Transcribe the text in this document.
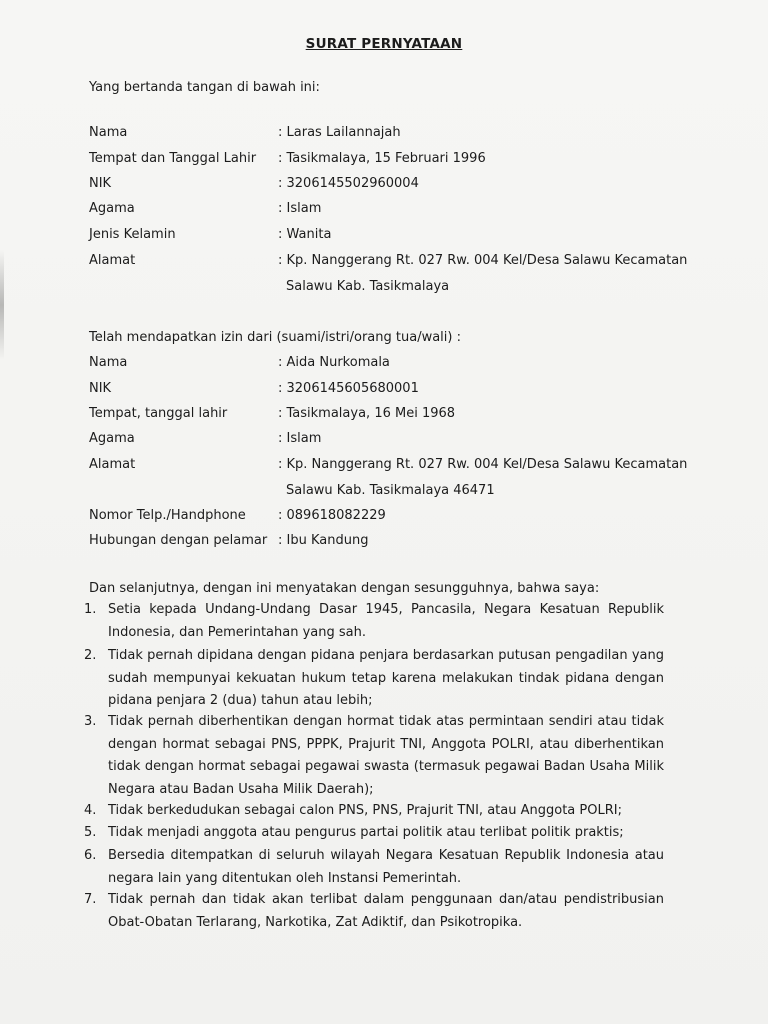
SURAT PERNYATAAN
Yang bertanda tangan di bawah ini:
Nama	: Laras Lailannajah
Tempat dan Tanggal Lahir : Tasikmalaya, 15 Februari 1996
NIK	: 3206145502960004
Agama	: Islam
Jenis Kelamin	: Wanita
Alamat	: Kp. Nanggerang Rt. 027 Rw. 004 Kel/Desa Salawu Kecamatan
Salawu Kab. Tasikmalaya
Telah mendapatkan izin dari (suami/istri/orang tua/wali) :
Nama	: Aida Nurkomala
NIK	: 3206145605680001
Tempat, tanggal lahir	: Tasikmalaya, 16 Mei 1968
Agama	: Islam
Alamat	: Kp. Nanggerang Rt. 027 Rw. 004 Kel/Desa Salawu Kecamatan
Salawu Kab. Tasikmalaya 46471
Nomor Telp./Handphone : 089618082229
Hubungan dengan pelamar : Ibu Kandung
Dan selanjutnya, dengan ini menyatakan dengan sesungguhnya, bahwa saya:
1. Setia kepada Undang-Undang Dasar 1945, Pancasila, Negara Kesatuan Republik Indonesia, dan Pemerintahan yang sah.
2. Tidak pernah dipidana dengan pidana penjara berdasarkan putusan pengadilan yang sudah mempunyai kekuatan hukum tetap karena melakukan tindak pidana dengan pidana penjara 2 (dua) tahun atau lebih;
3. Tidak pernah diberhentikan dengan hormat tidak atas permintaan sendiri atau tidak dengan hormat sebagai PNS, PPPK, Prajurit TNI, Anggota POLRI, atau diberhentikan tidak dengan hormat sebagai pegawai swasta (termasuk pegawai Badan Usaha Milik Negara atau Badan Usaha Milik Daerah);
4. Tidak berkedudukan sebagai calon PNS, PNS, Prajurit TNI, atau Anggota POLRI;
5. Tidak menjadi anggota atau pengurus partai politik atau terlibat politik praktis;
6. Bersedia ditempatkan di seluruh wilayah Negara Kesatuan Republik Indonesia atau negara lain yang ditentukan oleh Instansi Pemerintah.
7. Tidak pernah dan tidak akan terlibat dalam penggunaan dan/atau pendistribusian Obat-Obatan Terlarang, Narkotika, Zat Adiktif, dan Psikotropika.
